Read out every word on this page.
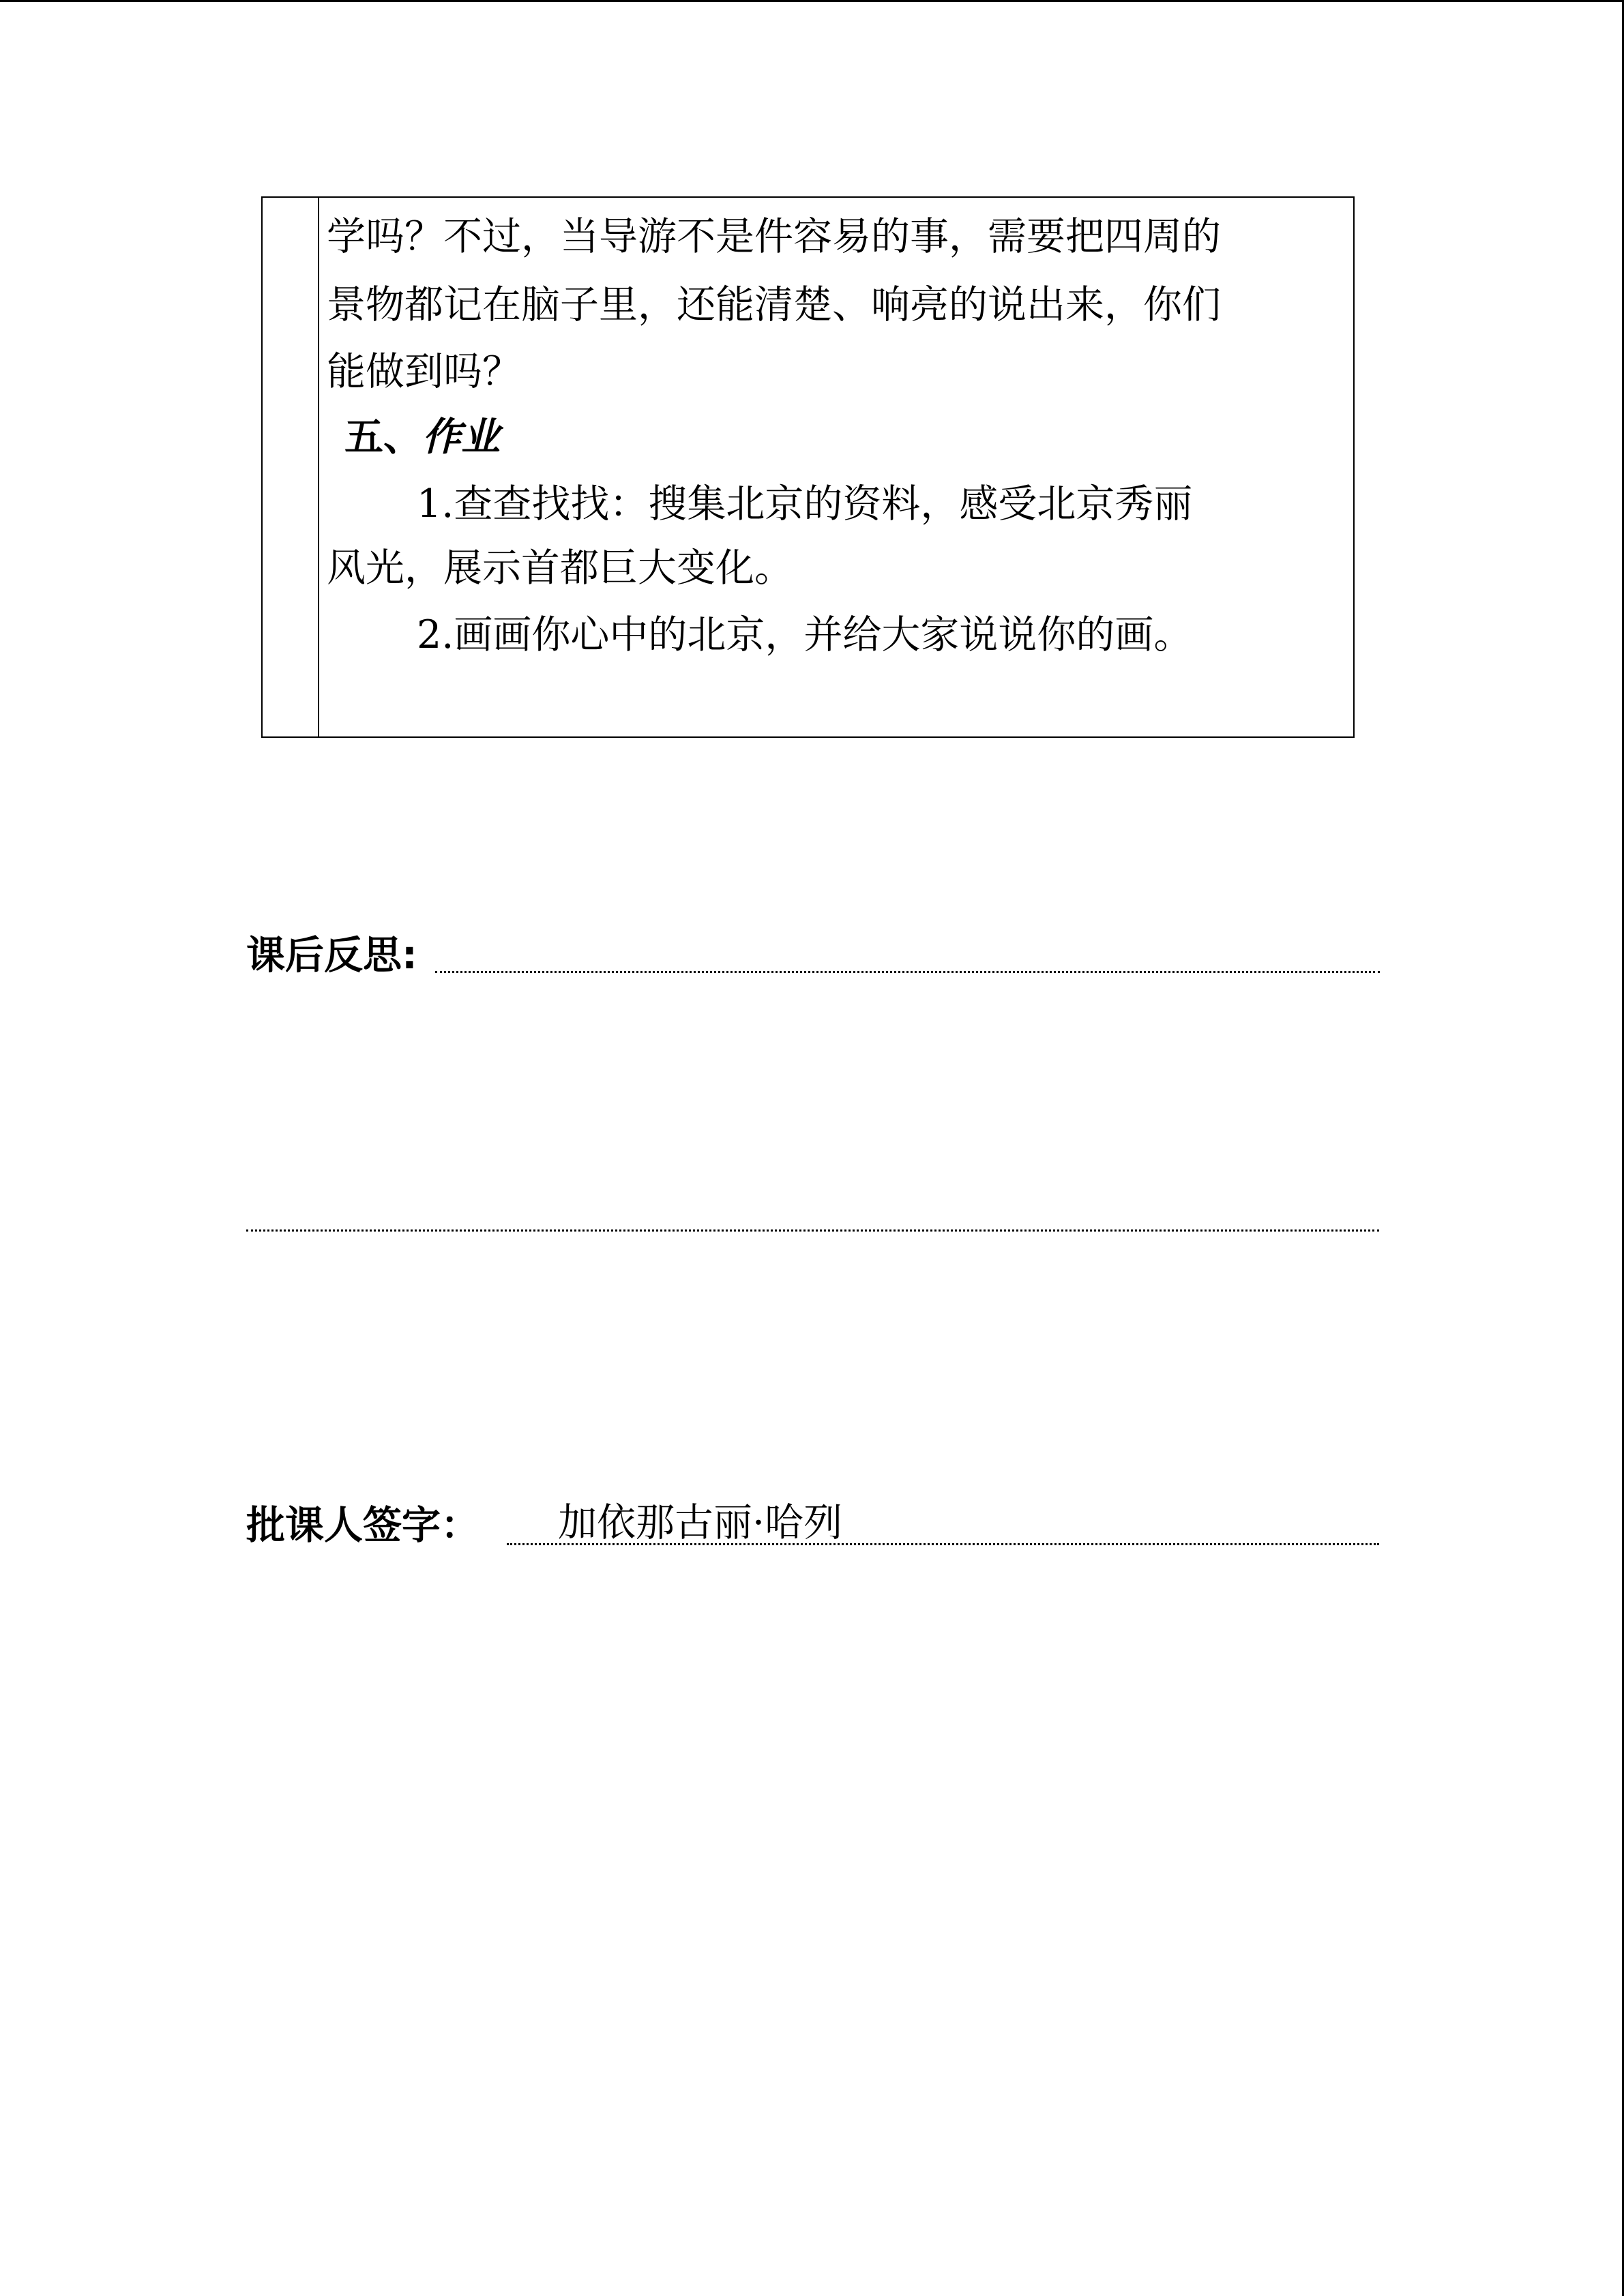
学吗？不过，当导游不是件容易的事，需要把四周的
景物都记在脑子里，还能清楚、响亮的说出来，你们
能做到吗？
五、作业
1.查查找找：搜集北京的资料，感受北京秀丽
风光，展示首都巨大变化。
2.画画你心中的北京，并给大家说说你的画。
课后反思:
批课人签字： 加依那古丽·哈列
